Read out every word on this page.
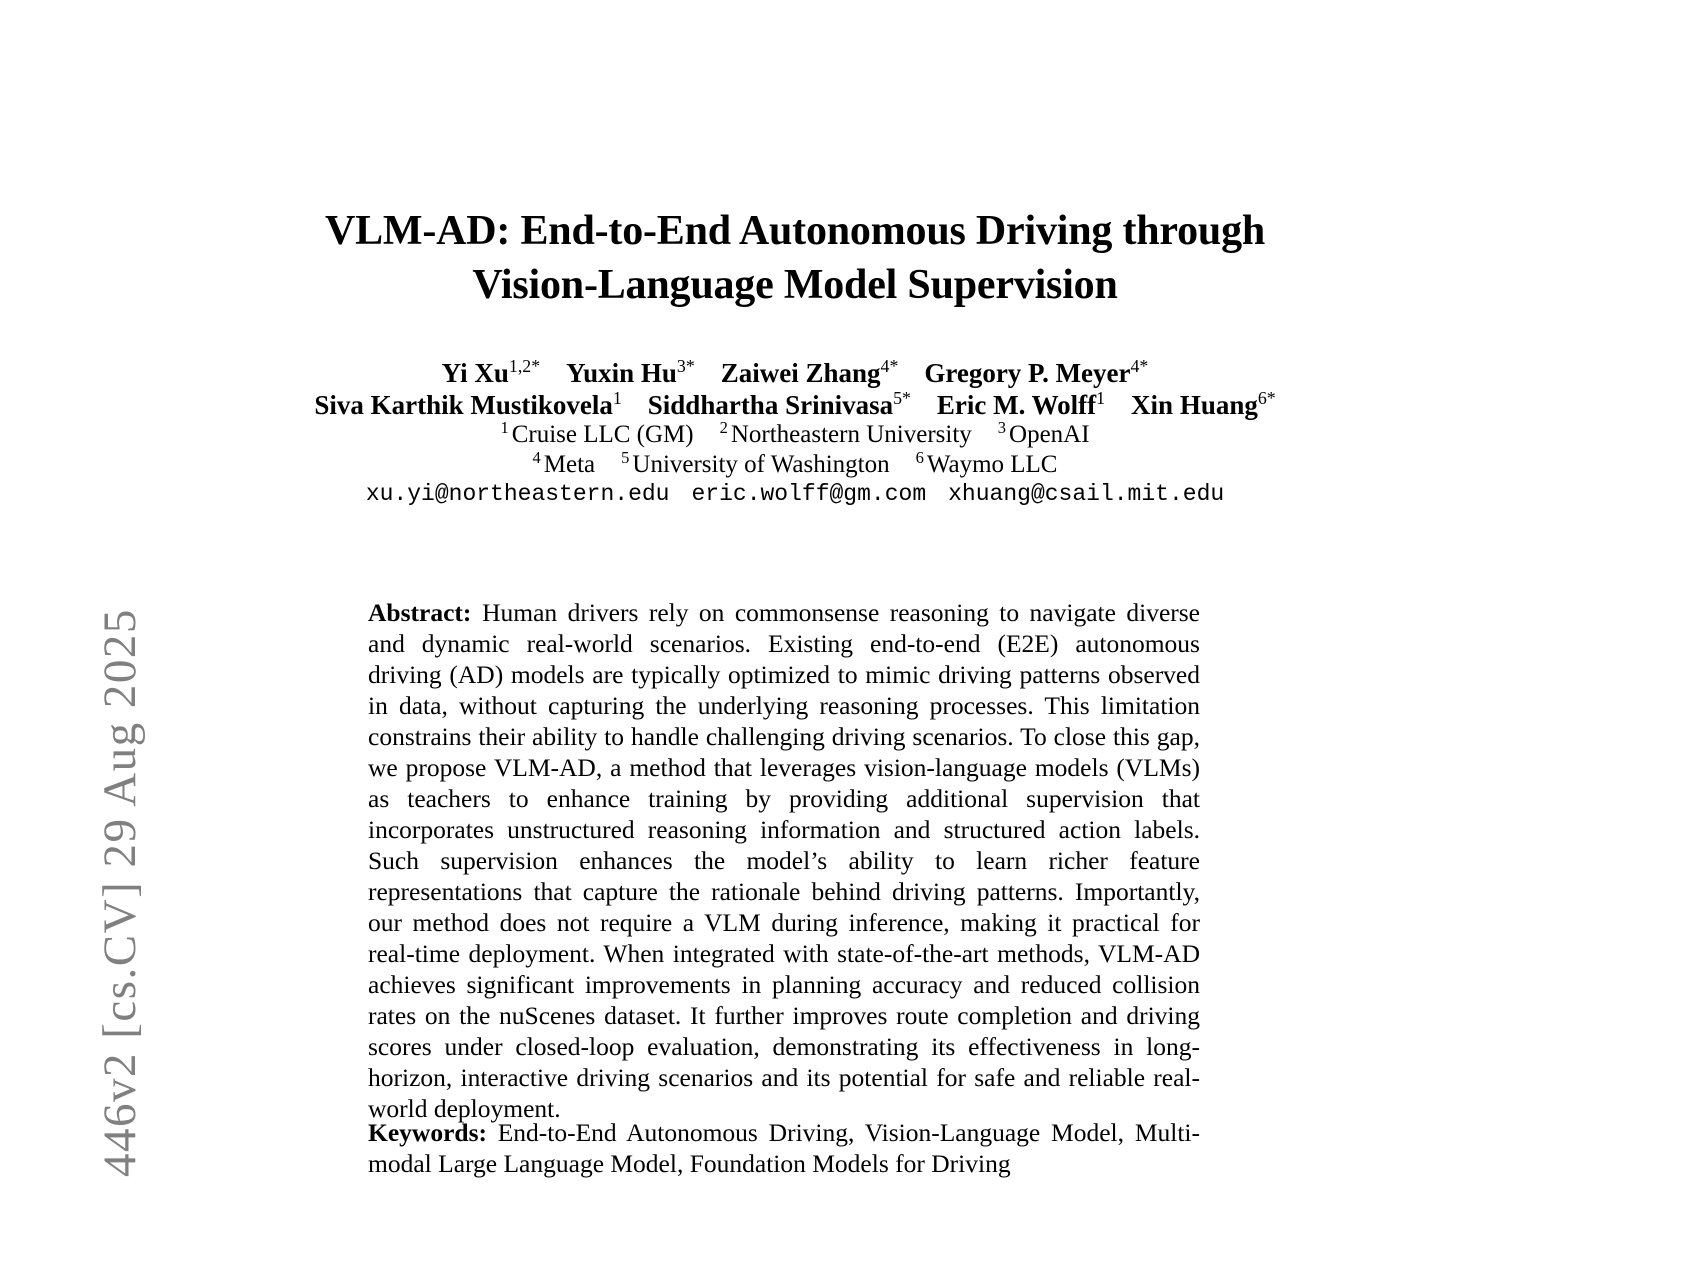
446v2 [cs.CV] 29 Aug 2025
VLM-AD: End-to-End Autonomous Driving through Vision-Language Model Supervision
Yi $Xu^{1,2*}$ Yuxin $Hu^{3*}$ Zaiwei Zhang$^{4*}$ Gregory P. Meyer$^{4*}$
Siva Karthik Mustikovela$^1$ Siddhartha Srinivasa$^{5*}$ Eric M. Wolff$^1$ Xin Huang$^{6*}$
$^1$ Cruise LLC (GM) $^2$ Northeastern University $^3$ OpenAI
$^4$ Meta $^5$ University of Washington $^6$ Waymo LLC
xu.yi@northeastern.edu eric.wolff@gm.com xhuang@csail.mit.edu
Abstract: Human drivers rely on commonsense reasoning to navigate diverse and dynamic real-world scenarios. Existing end-to-end (E2E) autonomous driving (AD) models are typically optimized to mimic driving patterns observed in data, without capturing the underlying reasoning processes. This limitation constrains their ability to handle challenging driving scenarios. To close this gap, we propose VLM-AD, a method that leverages vision-language models (VLMs) as teachers to enhance training by providing additional supervision that incorporates unstructured reasoning information and structured action labels. Such supervision enhances the model’s ability to learn richer feature representations that capture the rationale behind driving patterns. Importantly, our method does not require a VLM during inference, making it practical for real-time deployment. When integrated with state-of-the-art methods, VLM-AD achieves significant improvements in planning accuracy and reduced collision rates on the nuScenes dataset. It further improves route completion and driving scores under closed-loop evaluation, demonstrating its effectiveness in long-horizon, interactive driving scenarios and its potential for safe and reliable real-world deployment.
Keywords: End-to-End Autonomous Driving, Vision-Language Model, Multi-modal Large Language Model, Foundation Models for Driving
